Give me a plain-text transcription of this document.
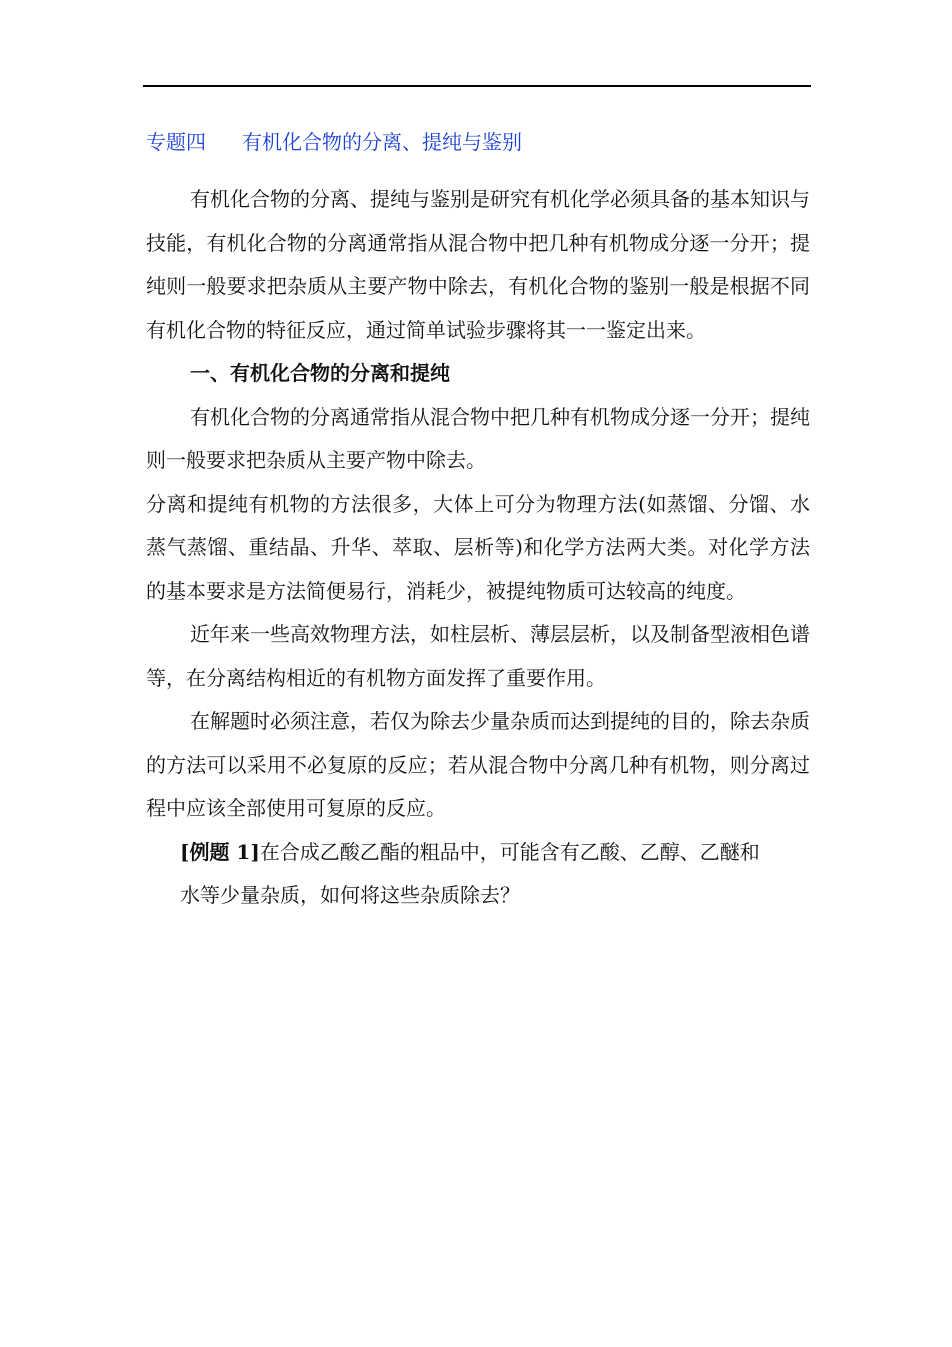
专题四 有机化合物的分离、提纯与鉴别

有机化合物的分离、提纯与鉴别是研究有机化学必须具备的基本知识与技能，有机化合物的分离通常指从混合物中把几种有机物成分逐一分开；提纯则一般要求把杂质从主要产物中除去，有机化合物的鉴别一般是根据不同有机化合物的特征反应，通过简单试验步骤将其一一鉴定出来。

一、有机化合物的分离和提纯

有机化合物的分离通常指从混合物中把几种有机物成分逐一分开；提纯则一般要求把杂质从主要产物中除去。

分离和提纯有机物的方法很多，大体上可分为物理方法(如蒸馏、分馏、水蒸气蒸馏、重结晶、升华、萃取、层析等)和化学方法两大类。对化学方法的基本要求是方法简便易行，消耗少，被提纯物质可达较高的纯度。

近年来一些高效物理方法，如柱层析、薄层层析，以及制备型液相色谱等，在分离结构相近的有机物方面发挥了重要作用。

在解题时必须注意，若仅为除去少量杂质而达到提纯的目的，除去杂质的方法可以采用不必复原的反应；若从混合物中分离几种有机物，则分离过程中应该全部使用可复原的反应。

[例题 1]在合成乙酸乙酯的粗品中，可能含有乙酸、乙醇、乙醚和

水等少量杂质，如何将这些杂质除去？
